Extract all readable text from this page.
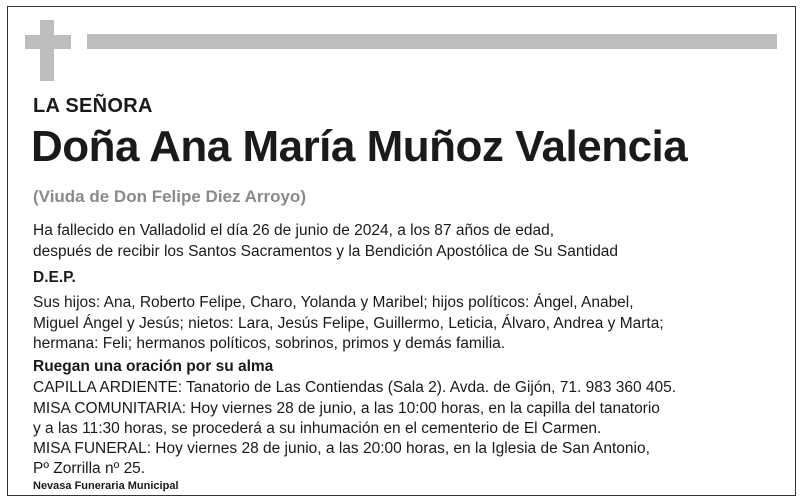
LA SEÑORA
Doña Ana María Muñoz Valencia
(Viuda de Don Felipe Diez Arroyo)
Ha fallecido en Valladolid el día 26 de junio de 2024, a los 87 años de edad,
después de recibir los Santos Sacramentos y la Bendición Apostólica de Su Santidad
D.E.P.
Sus hijos: Ana, Roberto Felipe, Charo, Yolanda y Maribel; hijos políticos: Ángel, Anabel,
Miguel Ángel y Jesús; nietos: Lara, Jesús Felipe, Guillermo, Leticia, Álvaro, Andrea y Marta;
hermana: Feli; hermanos políticos, sobrinos, primos y demás familia.
Ruegan una oración por su alma
CAPILLA ARDIENTE: Tanatorio de Las Contiendas (Sala 2). Avda. de Gijón, 71. 983 360 405.
MISA COMUNITARIA: Hoy viernes 28 de junio, a las 10:00 horas, en la capilla del tanatorio
y a las 11:30 horas, se procederá a su inhumación en el cementerio de El Carmen.
MISA FUNERAL: Hoy viernes 28 de junio, a las 20:00 horas, en la Iglesia de San Antonio,
Pº Zorrilla nº 25.
Nevasa Funeraria Municipal
